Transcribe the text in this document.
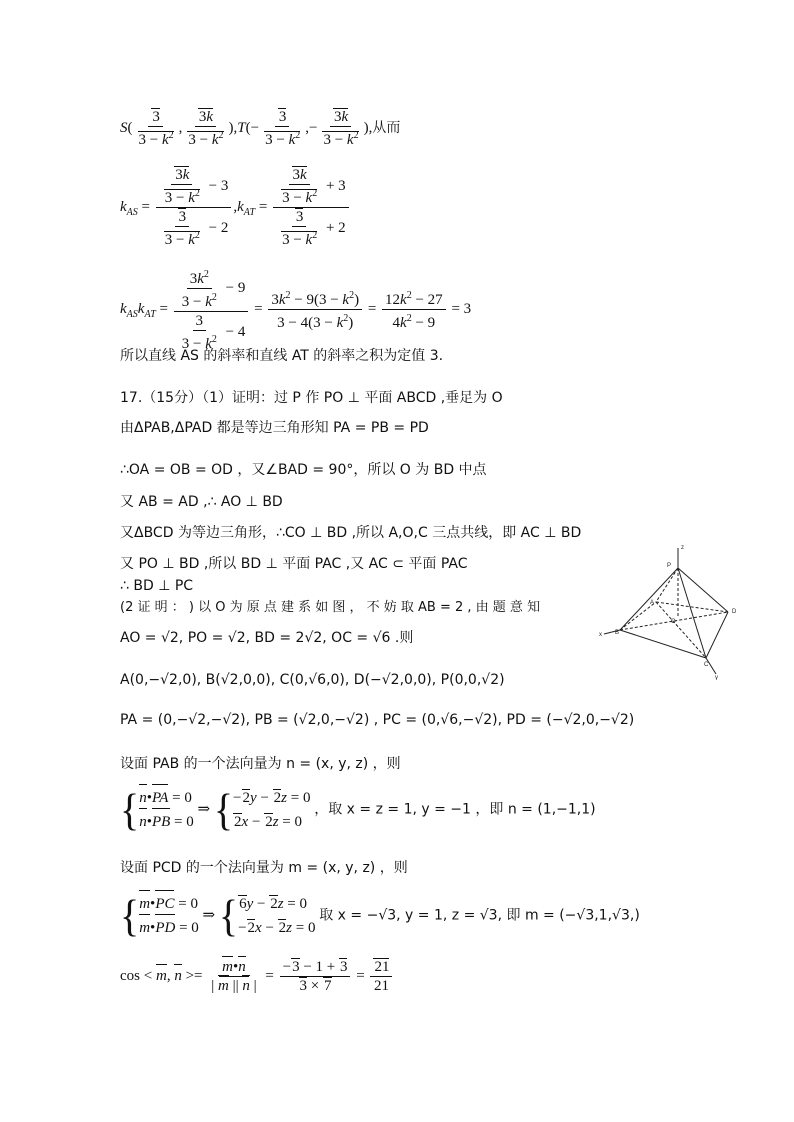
$S( \frac{3}{3 - k^2}$ , $\frac{3k}{3 - k^2} ),T(- \frac{3}{3 - k^2}$ ,− $\frac{3k}{3 - k^2}$ ),从而
$k_{AS} = \frac{\frac{3k}{3 - k^2} - 3}{\frac{3}{3 - k^2} - 2} ,k_{AT} = \frac{\frac{3k}{3 - k^2} + 3}{\frac{3}{3 - k^2} + 2}$
$k_{AS}k_{AT} = \frac{\frac{3k^2}{3 - k^2} - 9}{\frac{3}{3 - k^2} - 4} = \frac{3k^2 - 9(3 - k^2)}{3 - 4(3 - k^2)} = \frac{12k^2 - 27}{4k^2 - 9} = 3$
所以直线 AS 的斜率和直线 AT 的斜率之积为定值 3.
17.（15分）（1）证明：过 P 作 PO ⊥ 平面 ABCD ,垂足为 O
由ΔPAB,ΔPAD 都是等边三角形知 PA = PB = PD
∴OA = OB = OD ，又∠BAD = 90°，所以 O 为 BD 中点
又 AB = AD ,∴ AO ⊥ BD
又ΔBCD 为等边三角形，∴CO ⊥ BD ,所以 A,O,C 三点共线，即 AC ⊥ BD
又 PO ⊥ BD ,所以 BD ⊥ 平面 PAC ,又 AC ⊂ 平面 PAC
∴ BD ⊥ PC
(2 证 明 ： ) 以 O 为 原 点 建 系 如 图 ， 不 妨 取 AB = 2 , 由 题 意 知
AO = √2, PO = √2, BD = 2√2, OC = √6 .则
A(0,−√2,0), B(√2,0,0), C(0,√6,0), D(−√2,0,0), P(0,0,√2)
PA = (0,−√2,−√2), PB = (√2,0,−√2) , PC = (0,√6,−√2), PD = (−√2,0,−√2)
设面 PAB 的一个法向量为 n = (x, y, z) ，则
{ n•PA = 0
n•PB = 0
⇒ { −2y − 2z = 0
2x − 2z = 0
，取 x = z = 1, y = −1 ，即 n = (1,−1,1)
设面 PCD 的一个法向量为 m = (x, y, z) ，则
{ m•PC = 0
m•PD = 0
⇒ { 6y − 2z = 0
−2x − 2z = 0
取 x = −√3, y = 1, z = √3, 即 m = (−√3,1,√3,)
cos < m, $n >= \frac{m•n}{| m || n |} = \frac{-3 - 1 + 3}{3 \times 7} = \frac{21}{21}$
z
P
A
O
D
x B
C
y
